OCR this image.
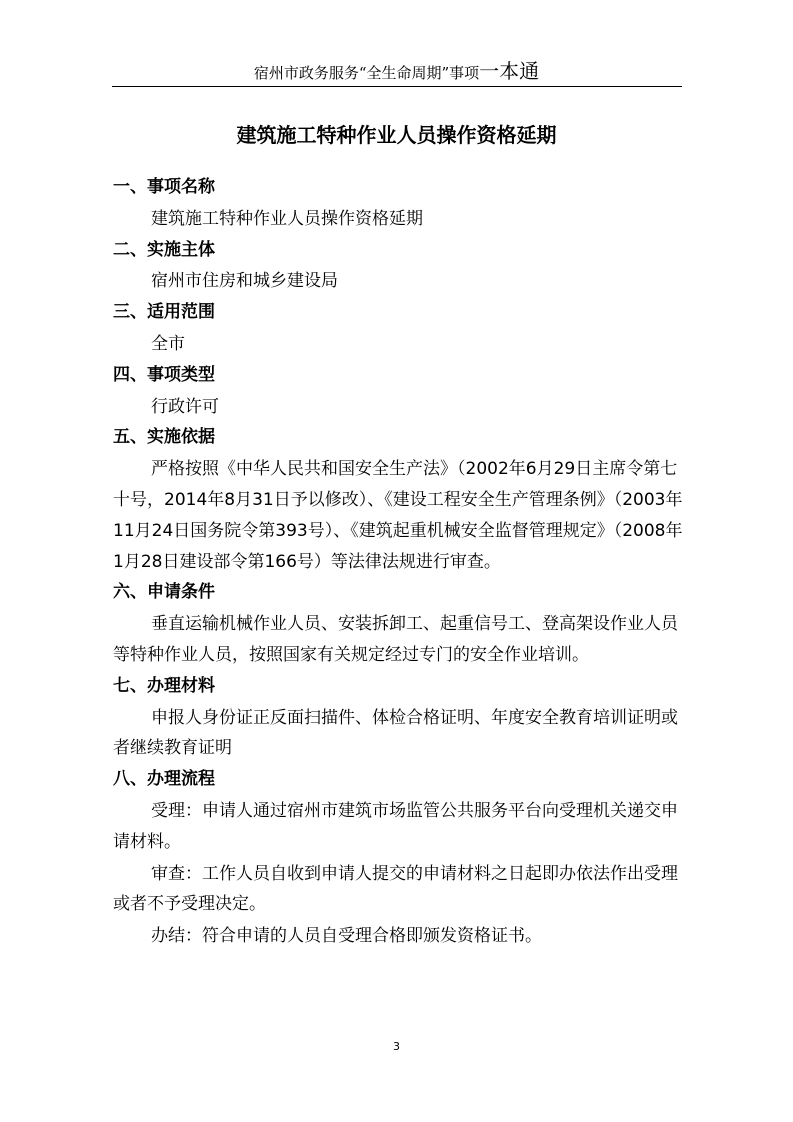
宿州市政务服务“全生命周期”事项一本通
建筑施工特种作业人员操作资格延期
一、事项名称
建筑施工特种作业人员操作资格延期
二、实施主体
宿州市住房和城乡建设局
三、适用范围
全市
四、事项类型
行政许可
五、实施依据
严格按照《中华人民共和国安全生产法》（2002年6月29日主席令第七十号，2014年8月31日予以修改）、《建设工程安全生产管理条例》（2003年11月24日国务院令第393号）、《建筑起重机械安全监督管理规定》（2008年1月28日建设部令第166号）等法律法规进行审查。
六、申请条件
垂直运输机械作业人员、安装拆卸工、起重信号工、登高架设作业人员等特种作业人员，按照国家有关规定经过专门的安全作业培训。
七、办理材料
申报人身份证正反面扫描件、体检合格证明、年度安全教育培训证明或者继续教育证明
八、办理流程
受理：申请人通过宿州市建筑市场监管公共服务平台向受理机关递交申请材料。
审查：工作人员自收到申请人提交的申请材料之日起即办依法作出受理或者不予受理决定。
办结：符合申请的人员自受理合格即颁发资格证书。
3
